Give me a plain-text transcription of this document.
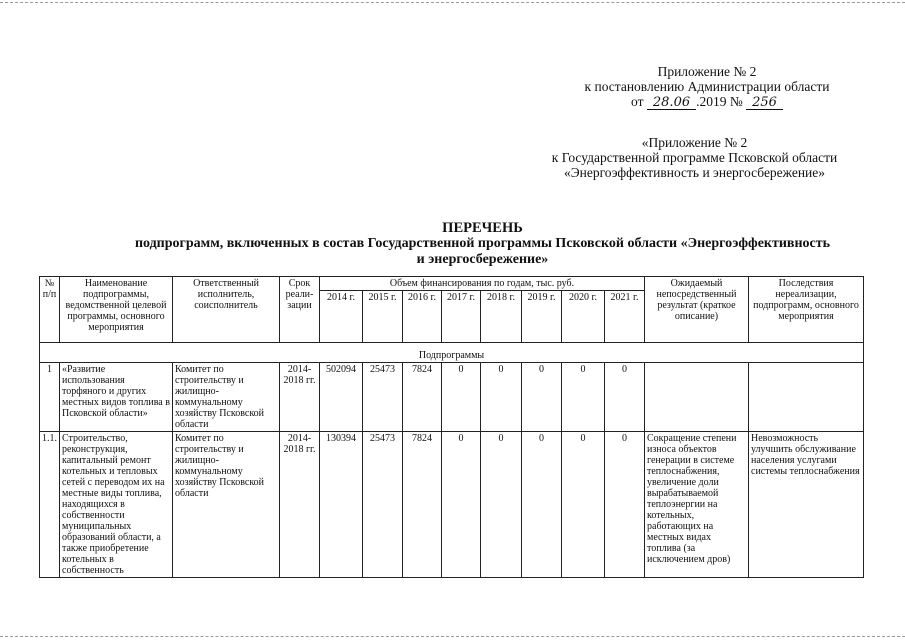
Приложение № 2
к постановлению Администрации области
от 28.06 .2019 № 256
«Приложение № 2
к Государственной программе Псковской области
«Энергоэффективность и энергосбережение»
ПЕРЕЧЕНЬ
подпрограмм, включенных в состав Государственной программы Псковской области «Энергоэффективность
и энергосбережение»
№ п/п	Наименование подпрограммы, ведомственной целевой программы, основного мероприятия	Ответственный исполнитель, соисполнитель	Срок реали-зации	Объем финансирования по годам, тыс. руб.								Ожидаемый непосредственный результат (краткое описание)	Последствия нереализации, подпрограмм, основного мероприятия
				2014 г.	2015 г.	2016 г.	2017 г.	2018 г.	2019 г.	2020 г.	2021 г.		
Подпрограммы													
1	«Развитие использования торфяного и других местных видов топлива в Псковской области»	Комитет по строительству и жилищно-коммунальному хозяйству Псковской области	2014-2018 гг.	502094	25473	7824	0	0	0	0	0		
1.1.	Строительство, реконструкция, капитальный ремонт котельных и тепловых сетей с переводом их на местные виды топлива, находящихся в собственности муниципальных образований области, а также приобретение котельных в собственность	Комитет по строительству и жилищно-коммунальному хозяйству Псковской области	2014-2018 гг.	130394	25473	7824	0	0	0	0	0	Сокращение степени износа объектов генерации в системе теплоснабжения, увеличение доли вырабатываемой теплоэнергии на котельных, работающих на местных видах топлива (за исключением дров)	Невозможность улучшить обслуживание населения услугами системы теплоснабжения
